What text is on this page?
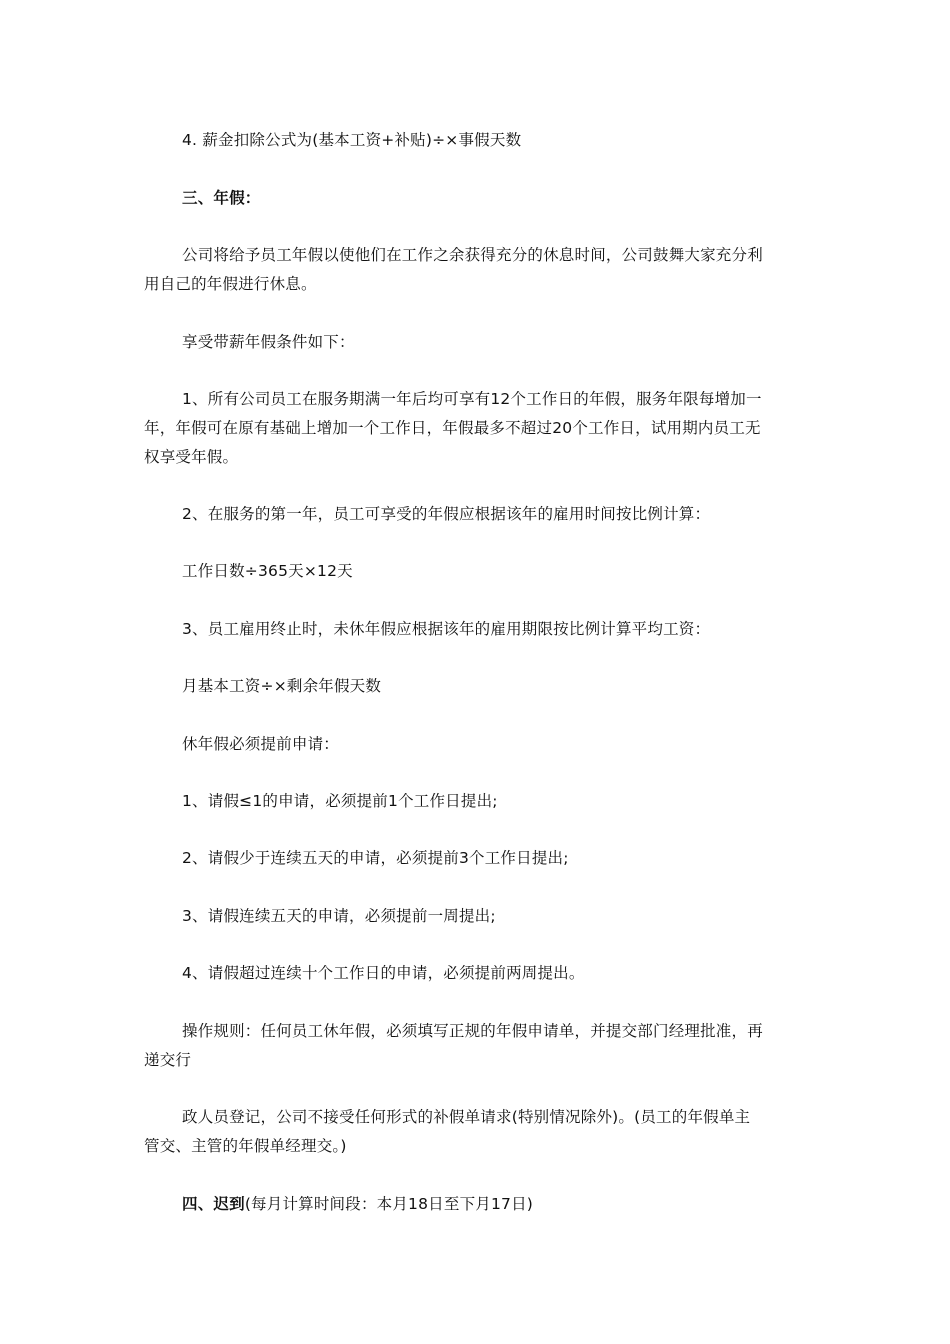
4. 薪金扣除公式为(基本工资+补贴)÷×事假天数
三、年假：
公司将给予员工年假以使他们在工作之余获得充分的休息时间，公司鼓舞大家充分利
用自己的年假进行休息。
享受带薪年假条件如下：
1、所有公司员工在服务期满一年后均可享有12个工作日的年假，服务年限每增加一
年，年假可在原有基础上增加一个工作日，年假最多不超过20个工作日，试用期内员工无
权享受年假。
2、在服务的第一年，员工可享受的年假应根据该年的雇用时间按比例计算：
工作日数÷365天×12天
3、员工雇用终止时，未休年假应根据该年的雇用期限按比例计算平均工资：
月基本工资÷×剩余年假天数
休年假必须提前申请：
1、请假≤1的申请，必须提前1个工作日提出;
2、请假少于连续五天的申请，必须提前3个工作日提出;
3、请假连续五天的申请，必须提前一周提出;
4、请假超过连续十个工作日的申请，必须提前两周提出。
操作规则：任何员工休年假，必须填写正规的年假申请单，并提交部门经理批准，再
递交行
政人员登记，公司不接受任何形式的补假单请求(特别情况除外)。(员工的年假单主
管交、主管的年假单经理交。)
四、迟到(每月计算时间段：本月18日至下月17日)
